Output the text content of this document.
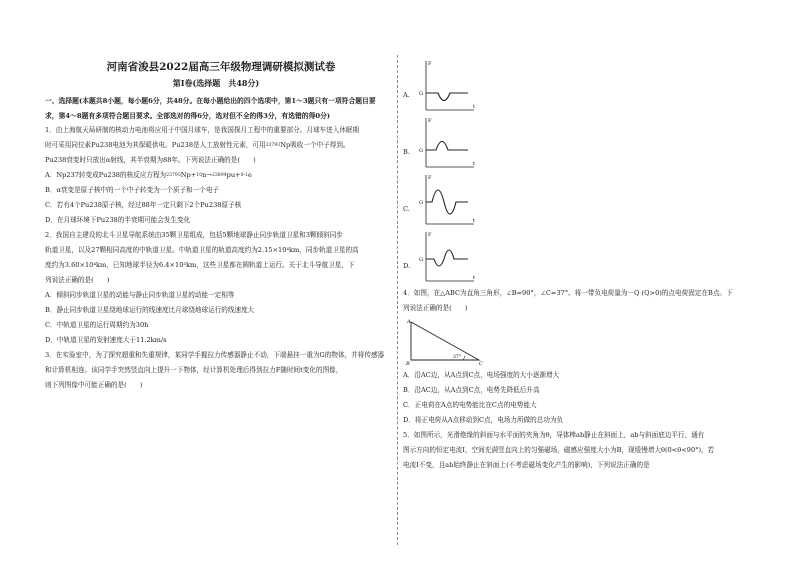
河南省浚县2022届高三年级物理调研模拟测试卷
第Ⅰ卷(选择题　共48分)

一、选择题(本题共8小题，每小题6分，共48分。在每小题给出的四个选项中，第1～3题只有一项符合题目要求，第4～8题有多项符合题目要求。全部选对的得6分，选对但不全的得3分，有选错的得0分)

1．由上海航天局研制的核动力电池将应用于中国月球车，是我国探月工程中的重要部分。月球车进入休眠期

时可采用同位素Pu238电池为其保暖供电。Pu238是人工放射性元素，可用$^{237}$93Np吸收一个中子得到。

Pu238衰变时只放出α射线，其半衰期为88年。下列说法正确的是(　　)

A．Np237转变成Pu238的核反应方程为$^{237}$93Np+$^1$0n→$^{238}$94pu+$^0$-1e

B．α衰变是原子核中的一个中子转变为一个质子和一个电子

C．若有4个Pu238原子核，经过88年一定只剩下2个Pu238原子核

D．在月球环境下Pu238的半衰期可能会发生变化

2．我国自主建设的北斗卫星导航系统由35颗卫星组成，包括5颗地球静止同步轨道卫星和3颗倾斜同步

轨道卫星，以及27颗相同高度的中轨道卫星。中轨道卫星的轨道高度约为2.15×10⁴km，同步轨道卫星的高

度约为3.60×10⁴km，已知地球半径为6.4×10³km，这些卫星都在圆轨道上运行。关于北斗导航卫星，下

列说法正确的是(　　)

A．倾斜同步轨道卫星的动能与静止同步轨道卫星的动能一定相等

B．静止同步轨道卫星绕地球运行的线速度比月球绕地球运行的线速度大

C．中轨道卫星的运行周期约为30h

D．中轨道卫星的发射速度大于11.2km/s

3．在实验室中，为了探究超重和失重规律，某同学手握拉力传感器静止不动，下端悬挂一重为G的物体，并将传感器

和计算机相连。该同学手突然竖直向上提升一下物体，经计算机处理后得到拉力F随时间t变化的图像，

则下列图像中可能正确的是(　　)

A.
F
t
G
B.
F
t
G
C.
F
t
G
D.
F
t
G

4．如图，在△ABC为直角三角形，∠B=90°，∠C=37°。将一带负电荷量为－Q (Q>0)的点电荷固定在B点。下

列说法正确的是(　　)

A
B	C
37°

A．沿AC边，从A点到C点，电场强度的大小逐渐增大

B．沿AC边，从A点到C点，电势先降低后升高

C．正电荷在A点的电势能比在C点的电势能大

D．将正电荷从A点移动到C点，电场力所做的总功为负

5．如图所示，光滑绝缘的斜面与水平面的夹角为θ，导体棒ab静止在斜面上，ab与斜面底边平行，通有

图示方向的恒定电流I，空间充满竖直向上的匀强磁场，磁感应强度大小为B，现缓慢增大θ(0<θ<90°)，若

电流I不变，且ab始终静止在斜面上(不考虑磁场变化产生的影响)，下列说法正确的是
